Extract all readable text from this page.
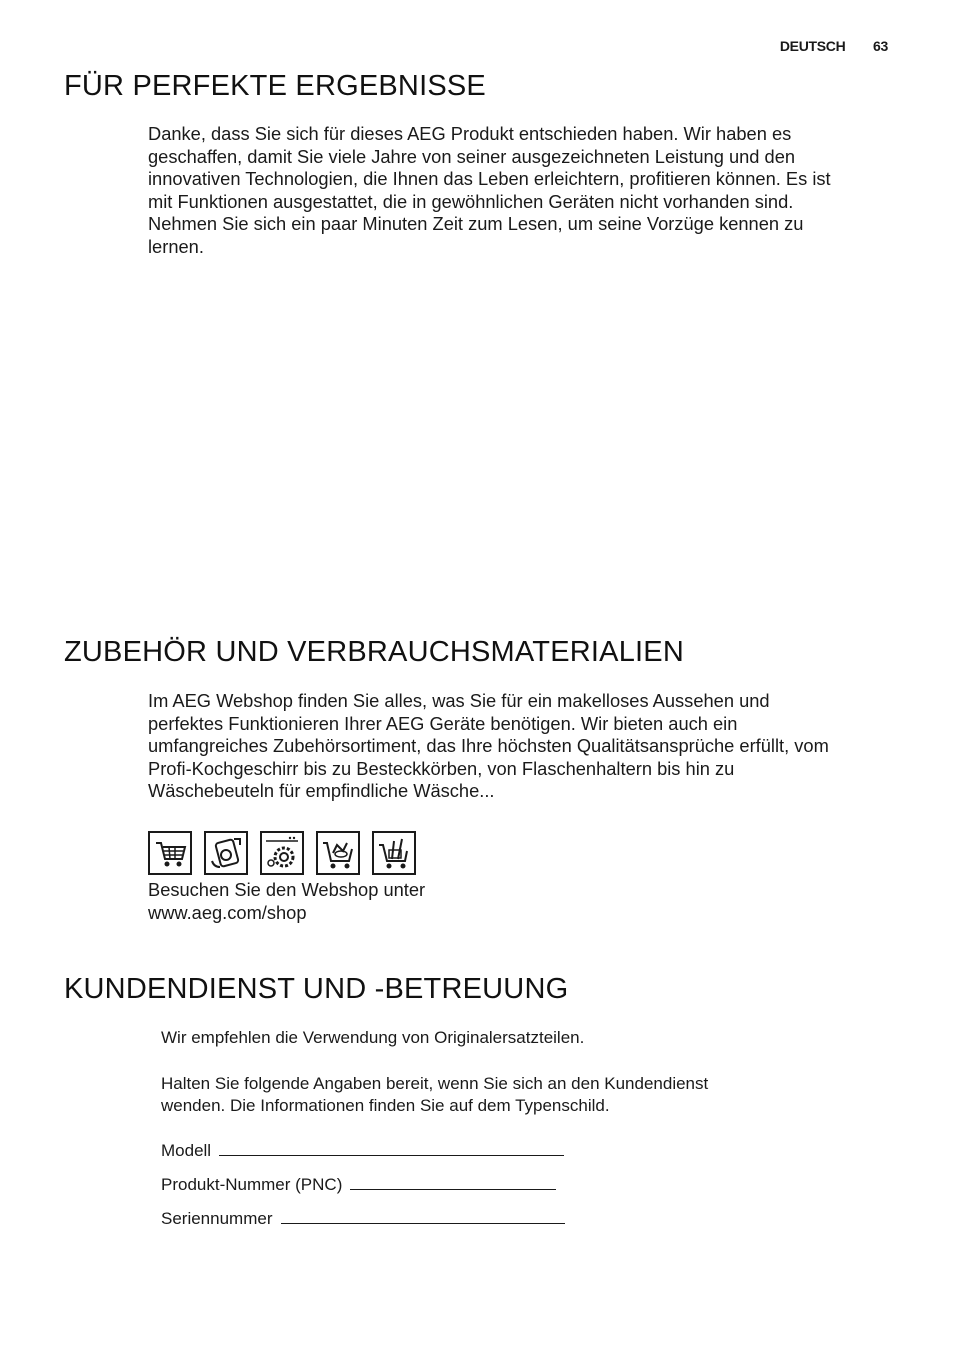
DEUTSCH 63
FÜR PERFEKTE ERGEBNISSE
Danke, dass Sie sich für dieses AEG Produkt entschieden haben. Wir haben es
geschaffen, damit Sie viele Jahre von seiner ausgezeichneten Leistung und den
innovativen Technologien, die Ihnen das Leben erleichtern, profitieren können. Es ist
mit Funktionen ausgestattet, die in gewöhnlichen Geräten nicht vorhanden sind.
Nehmen Sie sich ein paar Minuten Zeit zum Lesen, um seine Vorzüge kennen zu
lernen.
ZUBEHÖR UND VERBRAUCHSMATERIALIEN
Im AEG Webshop finden Sie alles, was Sie für ein makelloses Aussehen und
perfektes Funktionieren Ihrer AEG Geräte benötigen. Wir bieten auch ein
umfangreiches Zubehörsortiment, das Ihre höchsten Qualitätsansprüche erfüllt, vom
Profi-Kochgeschirr bis zu Besteckkörben, von Flaschenhaltern bis hin zu
Wäschebeuteln für empfindliche Wäsche...
Besuchen Sie den Webshop unter
www.aeg.com/shop
KUNDENDIENST UND -BETREUUNG
Wir empfehlen die Verwendung von Originalersatzteilen.
Halten Sie folgende Angaben bereit, wenn Sie sich an den Kundendienst
wenden. Die Informationen finden Sie auf dem Typenschild.
Modell
Produkt-Nummer (PNC)
Seriennummer
